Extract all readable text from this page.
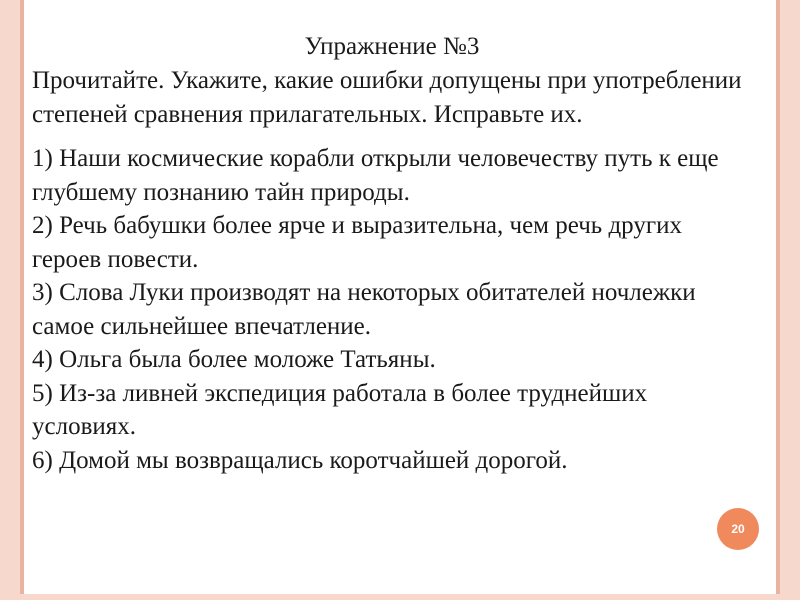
Упражнение №3

Прочитайте. Укажите, какие ошибки допущены при употреблении степеней сравнения прилагательных. Исправьте их.

1) Наши космические корабли открыли человечеству путь к еще глубшему познанию тайн природы.
2) Речь бабушки более ярче и выразительна, чем речь других героев повести.
3) Слова Луки производят на некоторых обитателей ночлежки самое сильнейшее впечатление.
4) Ольга была более моложе Татьяны.
5) Из-за ливней экспедиция работала в более труднейших условиях.
6) Домой мы возвращались коротчайшей дорогой.
20
